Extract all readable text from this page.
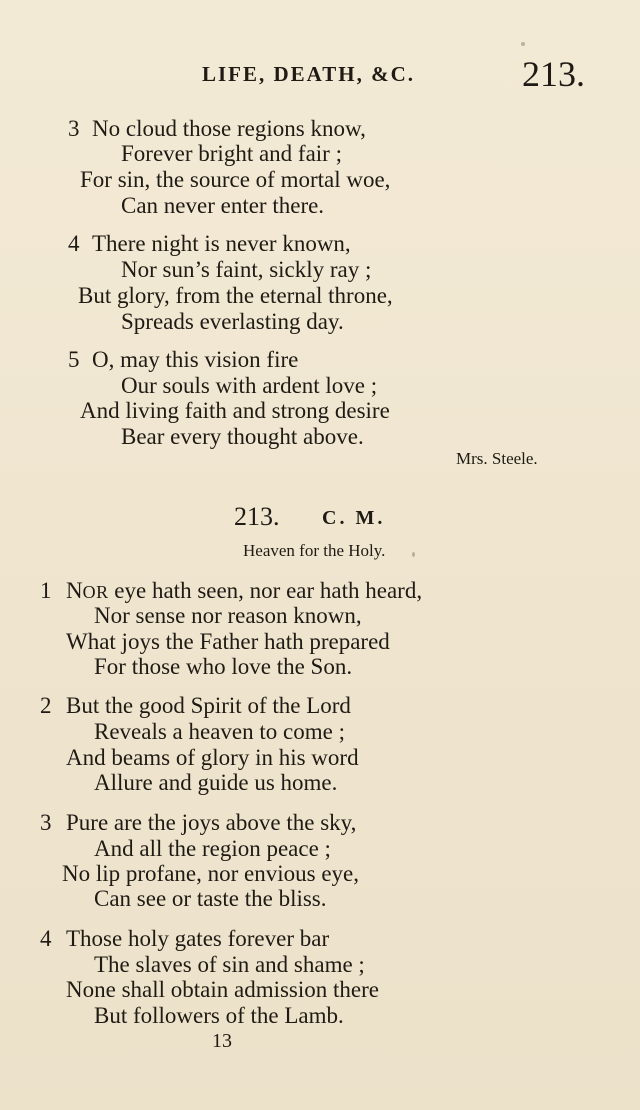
LIFE, DEATH, &C.	213.
3 No cloud those regions know,
Forever bright and fair ;
For sin, the source of mortal woe,
Can never enter there.
4 There night is never known,
Nor sun’s faint, sickly ray ;
But glory, from the eternal throne,
Spreads everlasting day.
5 O, may this vision fire
Our souls with ardent love ;
And living faith and strong desire
Bear every thought above.
Mrs. Steele.
213. C. M.
Heaven for the Holy.
1 NOR eye hath seen, nor ear hath heard,
Nor sense nor reason known,
What joys the Father hath prepared
For those who love the Son.
2 But the good Spirit of the Lord
Reveals a heaven to come ;
And beams of glory in his word
Allure and guide us home.
3 Pure are the joys above the sky,
And all the region peace ;
No lip profane, nor envious eye,
Can see or taste the bliss.
4 Those holy gates forever bar
The slaves of sin and shame ;
None shall obtain admission there
But followers of the Lamb.
13
